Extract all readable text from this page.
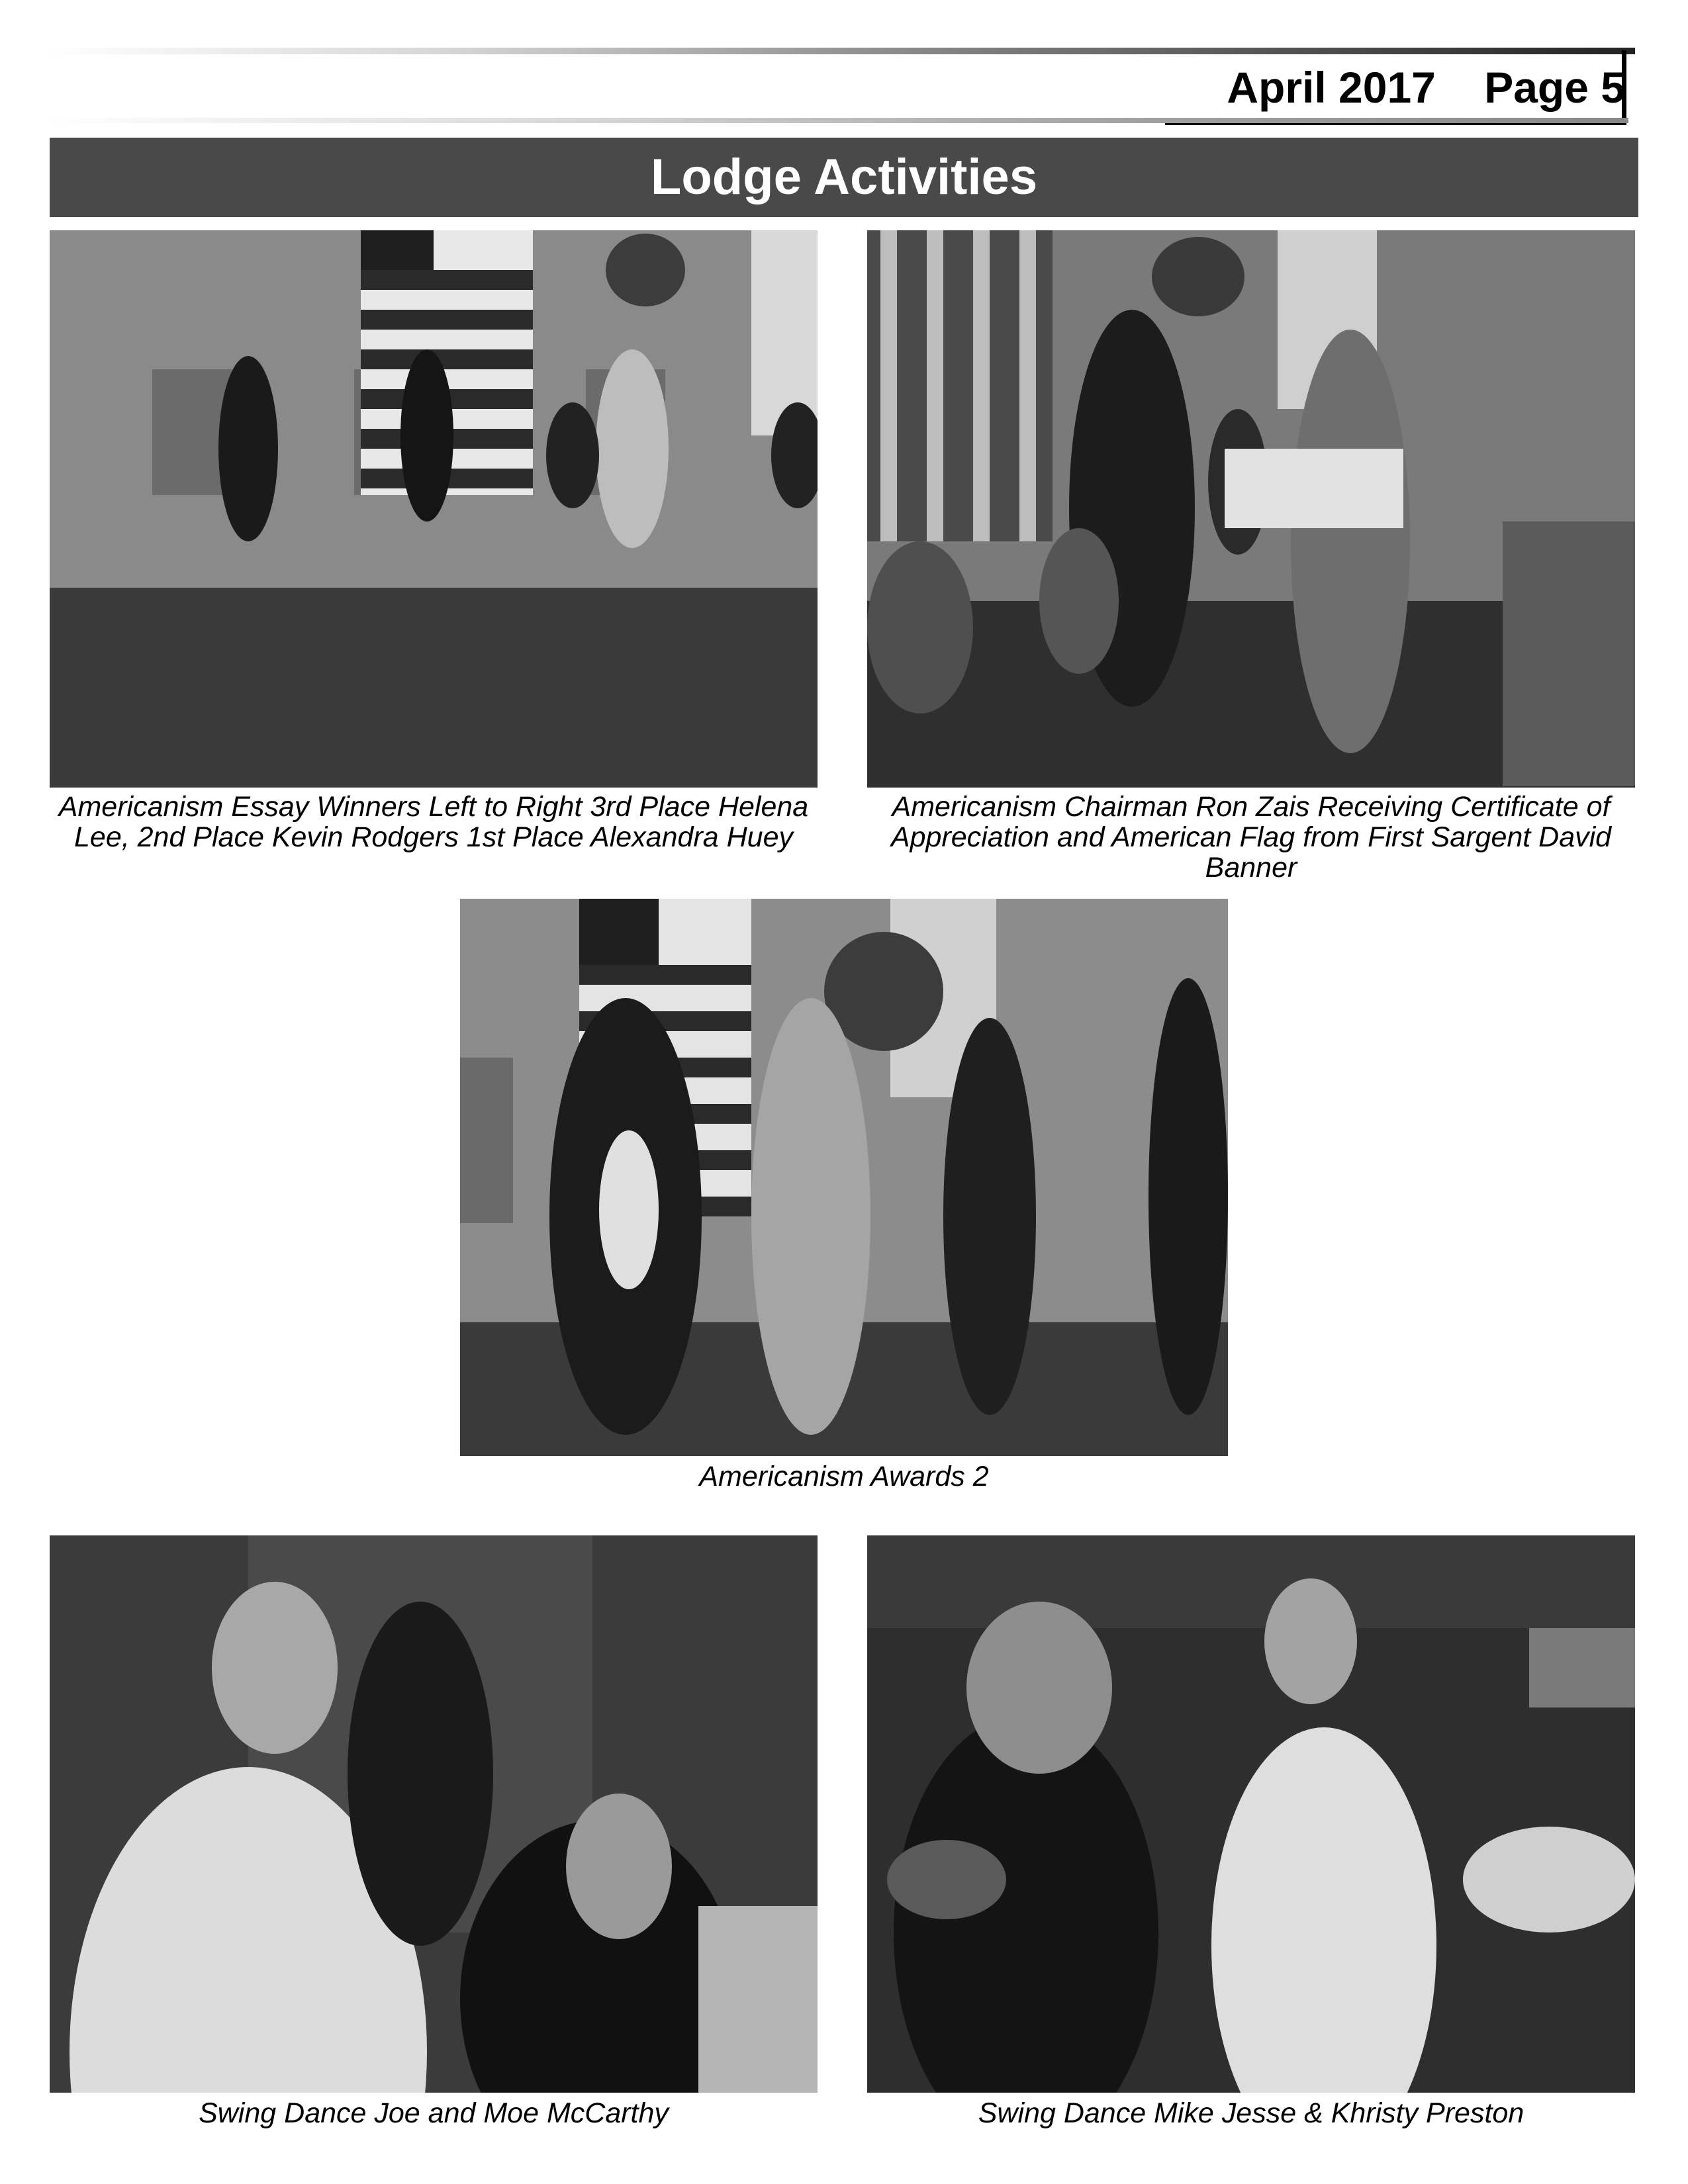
April 2017    Page 5
Lodge Activities
Americanism Essay Winners Left to Right 3rd Place Helena Lee, 2nd Place Kevin Rodgers 1st Place Alexandra Huey
Americanism Chairman Ron Zais Receiving Certificate of Appreciation and American Flag from First Sargent David Banner
Americanism Awards 2
Swing Dance Joe and Moe McCarthy	Swing Dance Mike Jesse & Khristy Preston
